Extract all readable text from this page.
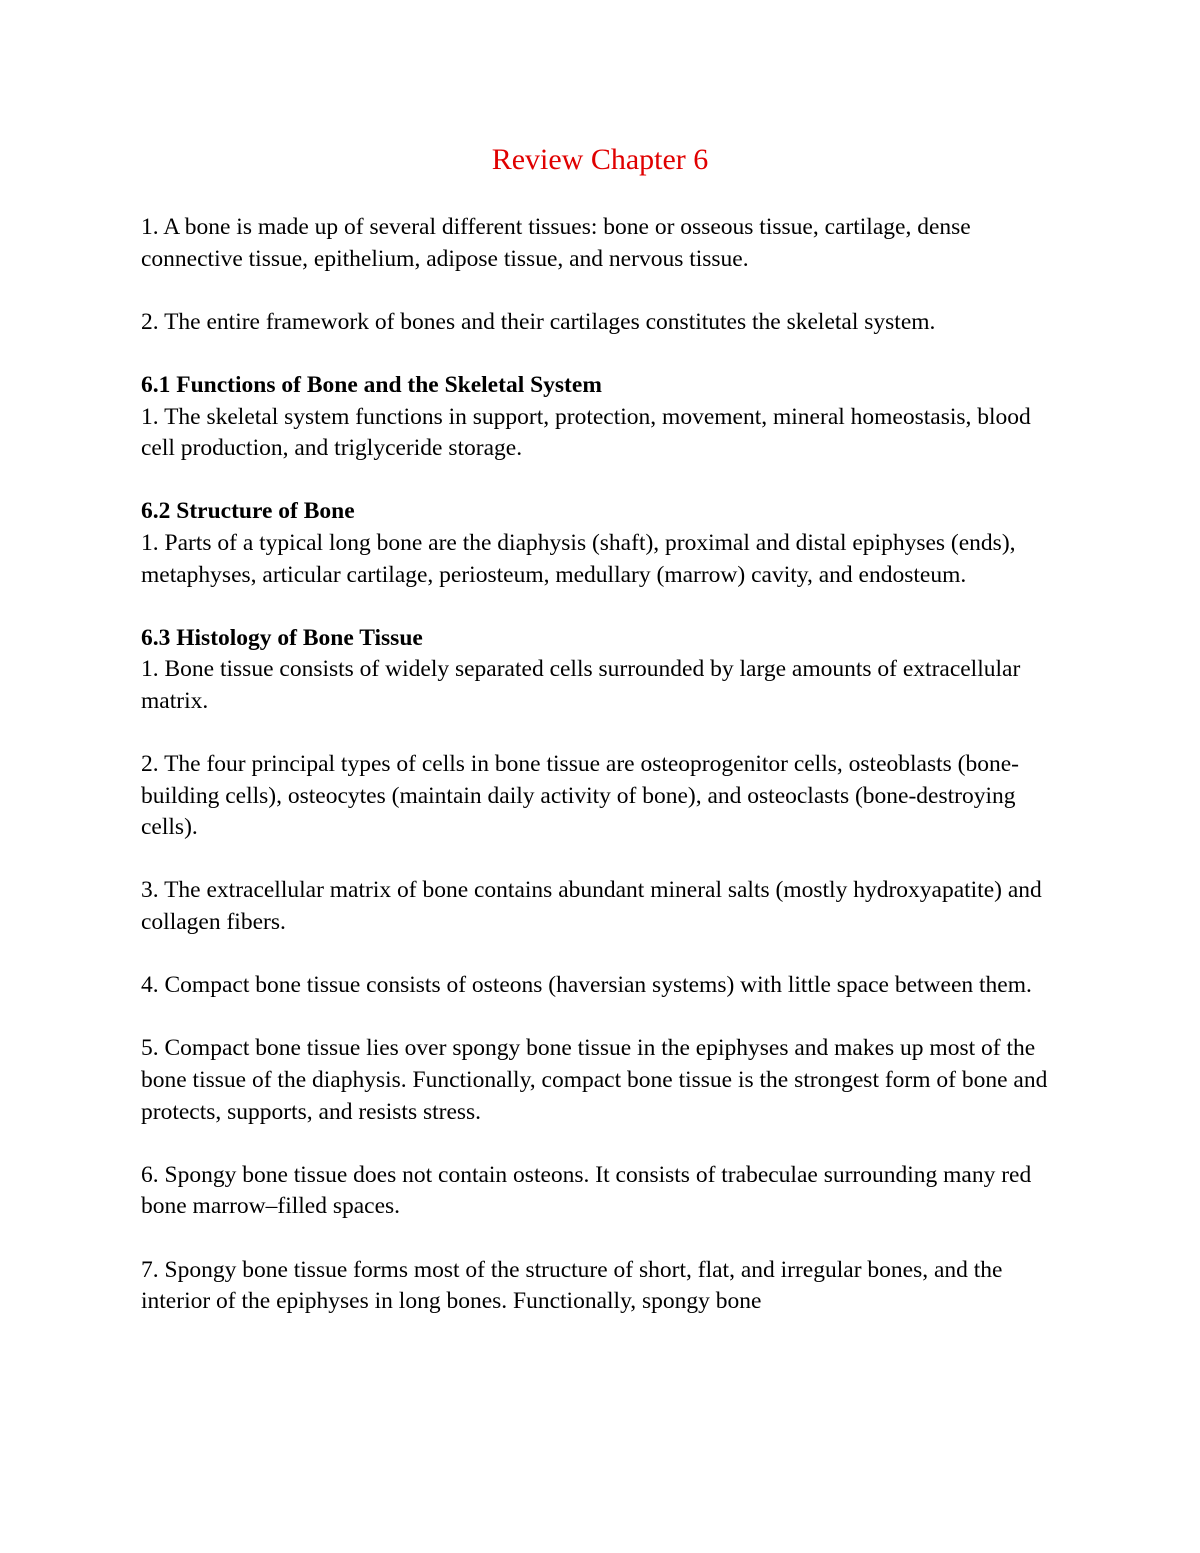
Review Chapter 6

1. A bone is made up of several different tissues: bone or osseous tissue, cartilage, dense connective tissue, epithelium, adipose tissue, and nervous tissue.

2. The entire framework of bones and their cartilages constitutes the skeletal system.

6.1 Functions of Bone and the Skeletal System

1. The skeletal system functions in support, protection, movement, mineral homeostasis, blood cell production, and triglyceride storage.

6.2 Structure of Bone

1. Parts of a typical long bone are the diaphysis (shaft), proximal and distal epiphyses (ends), metaphyses, articular cartilage, periosteum, medullary (marrow) cavity, and endosteum.

6.3 Histology of Bone Tissue

1. Bone tissue consists of widely separated cells surrounded by large amounts of extracellular matrix.

2. The four principal types of cells in bone tissue are osteoprogenitor cells, osteoblasts (bone-building cells), osteocytes (maintain daily activity of bone), and osteoclasts (bone-destroying cells).

3. The extracellular matrix of bone contains abundant mineral salts (mostly hydroxyapatite) and collagen fibers.

4. Compact bone tissue consists of osteons (haversian systems) with little space between them.

5. Compact bone tissue lies over spongy bone tissue in the epiphyses and makes up most of the bone tissue of the diaphysis. Functionally, compact bone tissue is the strongest form of bone and protects, supports, and resists stress.

6. Spongy bone tissue does not contain osteons. It consists of trabeculae surrounding many red bone marrow–filled spaces.

7. Spongy bone tissue forms most of the structure of short, flat, and irregular bones, and the interior of the epiphyses in long bones. Functionally, spongy bone
